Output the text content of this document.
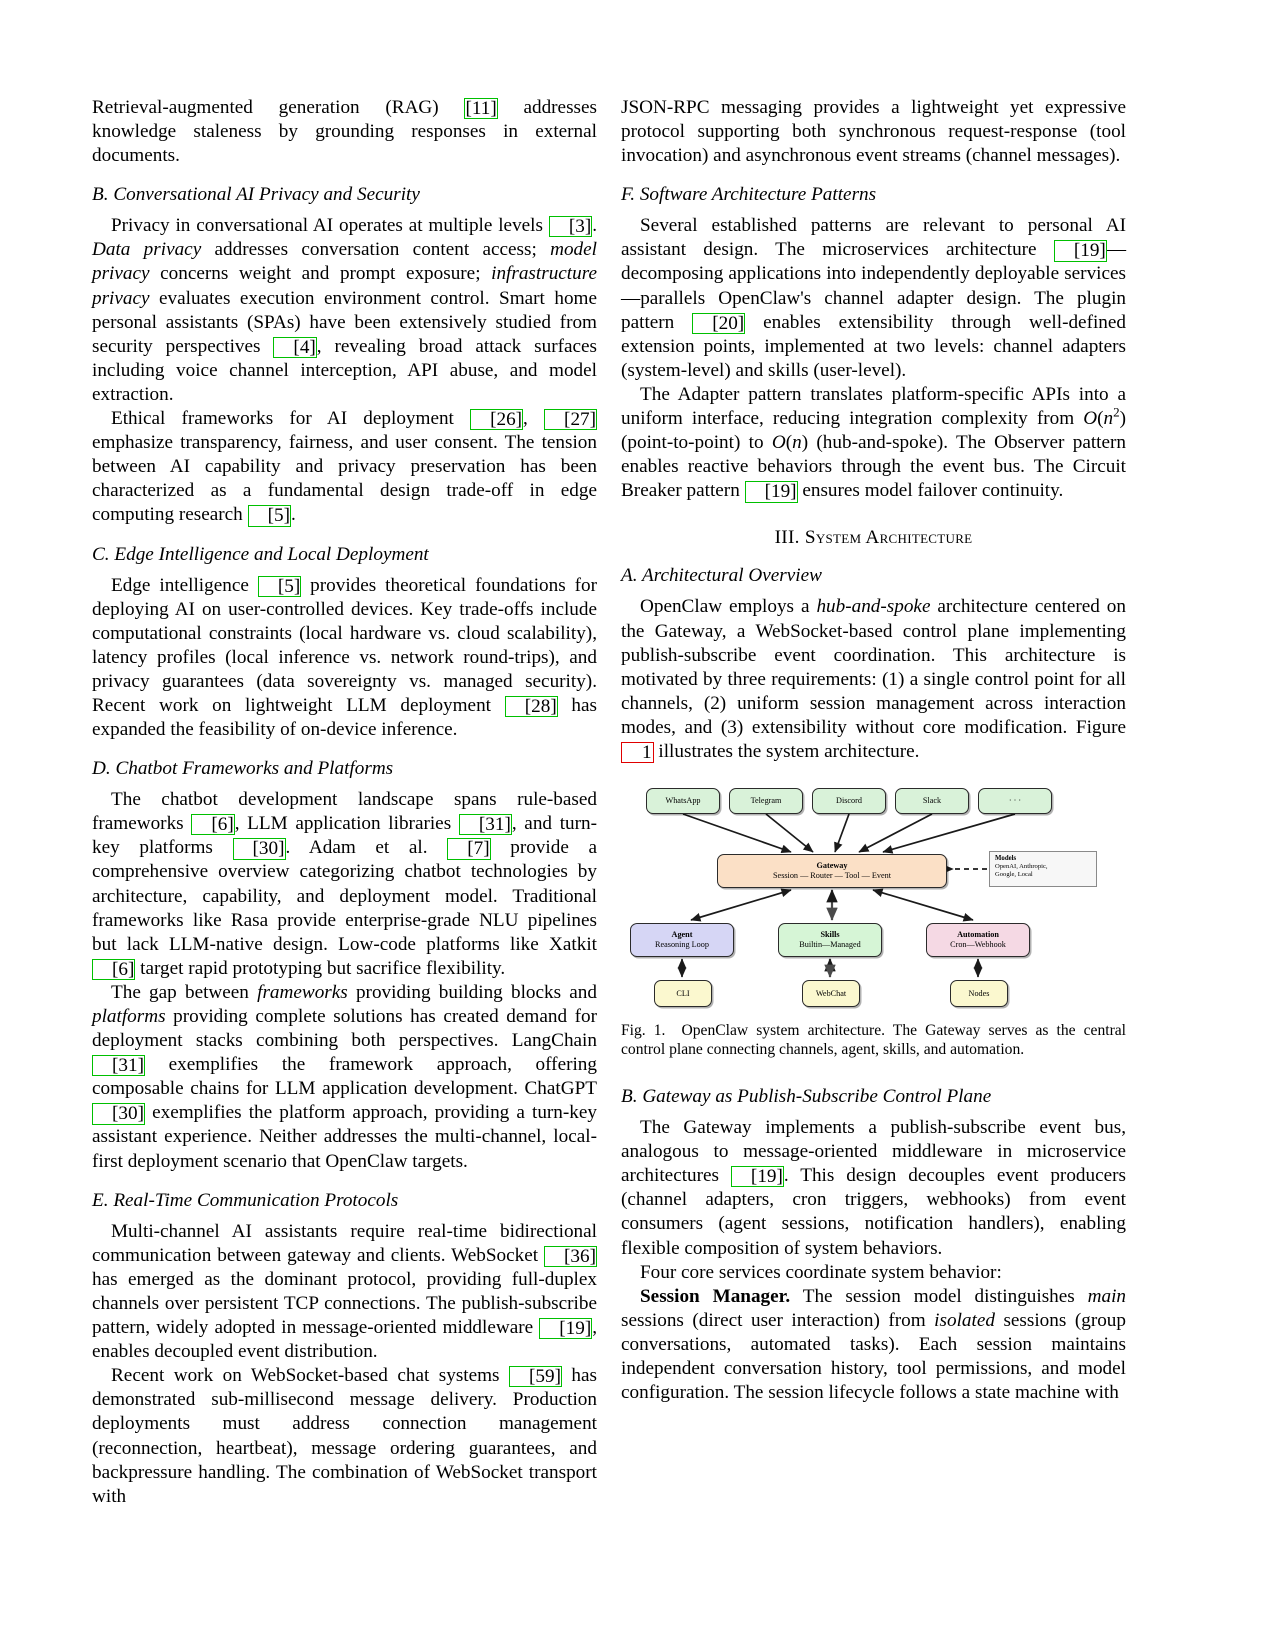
Retrieval-augmented generation (RAG) [11] addresses knowledge staleness by grounding responses in external documents.

B. Conversational AI Privacy and Security

Privacy in conversational AI operates at multiple levels [3]. Data privacy addresses conversation content access; model privacy concerns weight and prompt exposure; infrastructure privacy evaluates execution environment control. Smart home personal assistants (SPAs) have been extensively studied from security perspectives [4], revealing broad attack surfaces including voice channel interception, API abuse, and model extraction.

Ethical frameworks for AI deployment [26], [27] emphasize transparency, fairness, and user consent. The tension between AI capability and privacy preservation has been characterized as a fundamental design trade-off in edge computing research [5].

C. Edge Intelligence and Local Deployment

Edge intelligence [5] provides theoretical foundations for deploying AI on user-controlled devices. Key trade-offs include computational constraints (local hardware vs. cloud scalability), latency profiles (local inference vs. network round-trips), and privacy guarantees (data sovereignty vs. managed security). Recent work on lightweight LLM deployment [28] has expanded the feasibility of on-device inference.

D. Chatbot Frameworks and Platforms

The chatbot development landscape spans rule-based frameworks [6], LLM application libraries [31], and turn-key platforms [30]. Adam et al. [7] provide a comprehensive overview categorizing chatbot technologies by architecture, capability, and deployment model. Traditional frameworks like Rasa provide enterprise-grade NLU pipelines but lack LLM-native design. Low-code platforms like Xatkit [6] target rapid prototyping but sacrifice flexibility.

The gap between frameworks providing building blocks and platforms providing complete solutions has created demand for deployment stacks combining both perspectives. LangChain [31] exemplifies the framework approach, offering composable chains for LLM application development. ChatGPT [30] exemplifies the platform approach, providing a turn-key assistant experience. Neither addresses the multi-channel, local-first deployment scenario that OpenClaw targets.

E. Real-Time Communication Protocols

Multi-channel AI assistants require real-time bidirectional communication between gateway and clients. WebSocket [36] has emerged as the dominant protocol, providing full-duplex channels over persistent TCP connections. The publish-subscribe pattern, widely adopted in message-oriented middleware [19], enables decoupled event distribution.

Recent work on WebSocket-based chat systems [59] has demonstrated sub-millisecond message delivery. Production deployments must address connection management (reconnection, heartbeat), message ordering guarantees, and backpressure handling. The combination of WebSocket transport with

JSON-RPC messaging provides a lightweight yet expressive protocol supporting both synchronous request-response (tool invocation) and asynchronous event streams (channel messages).

F. Software Architecture Patterns

Several established patterns are relevant to personal AI assistant design. The microservices architecture [19]—decomposing applications into independently deployable services—parallels OpenClaw's channel adapter design. The plugin pattern [20] enables extensibility through well-defined extension points, implemented at two levels: channel adapters (system-level) and skills (user-level).

The Adapter pattern translates platform-specific APIs into a uniform interface, reducing integration complexity from $O(n^2)$ (point-to-point) to O(n) (hub-and-spoke). The Observer pattern enables reactive behaviors through the event bus. The Circuit Breaker pattern [19] ensures model failover continuity.

III. System Architecture
A. Architectural Overview

OpenClaw employs a hub-and-spoke architecture centered on the Gateway, a WebSocket-based control plane implementing publish-subscribe event coordination. This architecture is motivated by three requirements: (1) a single control point for all channels, (2) uniform session management across interaction modes, and (3) extensibility without core modification. Figure 1 illustrates the system architecture.

WhatsApp	Telegram	Discord	Slack	· · ·
Gateway
Session — Router — Tool — Event
Models
OpenAI, Anthropic,
Google, Local
Agent
Reasoning Loop
Skills
Builtin—Managed
Automation
Cron—Webhook
CLI	WebChat	Nodes
Fig. 1. OpenClaw system architecture. The Gateway serves as the central control plane connecting channels, agent, skills, and automation.
B. Gateway as Publish-Subscribe Control Plane

The Gateway implements a publish-subscribe event bus, analogous to message-oriented middleware in microservice architectures [19]. This design decouples event producers (channel adapters, cron triggers, webhooks) from event consumers (agent sessions, notification handlers), enabling flexible composition of system behaviors.

Four core services coordinate system behavior:

Session Manager. The session model distinguishes main sessions (direct user interaction) from isolated sessions (group conversations, automated tasks). Each session maintains independent conversation history, tool permissions, and model configuration. The session lifecycle follows a state machine with
